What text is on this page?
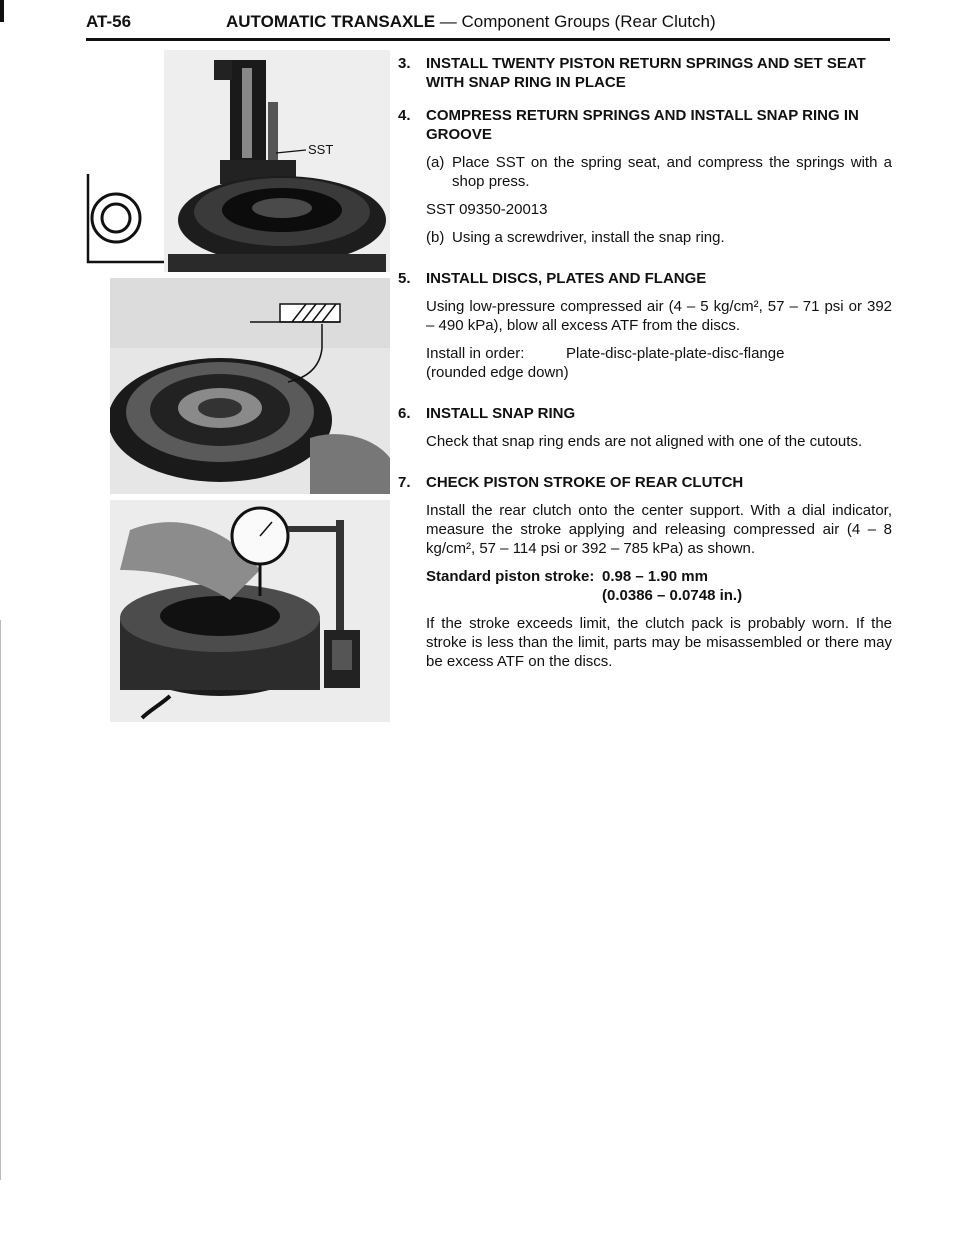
AT-56	AUTOMATIC TRANSAXLE — Component Groups (Rear Clutch)
SST
3.	INSTALL TWENTY PISTON RETURN SPRINGS AND SET SEAT WITH SNAP RING IN PLACE
4.	COMPRESS RETURN SPRINGS AND INSTALL SNAP RING IN GROOVE
(a) Place SST on the spring seat, and compress the springs with a shop press.
SST 09350-20013
(b) Using a screwdriver, install the snap ring.
5.	INSTALL DISCS, PLATES AND FLANGE
Using low-pressure compressed air (4 – 5 kg/cm², 57 – 71 psi or 392 – 490 kPa), blow all excess ATF from the discs.
Install in order:	Plate-disc-plate-plate-disc-flange
(rounded edge down)
6.	INSTALL SNAP RING
Check that snap ring ends are not aligned with one of the cutouts.
7.	CHECK PISTON STROKE OF REAR CLUTCH
Install the rear clutch onto the center support. With a dial indicator, measure the stroke applying and releasing compressed air (4 – 8 kg/cm², 57 – 114 psi or 392 – 785 kPa) as shown.
Standard piston stroke: 0.98 – 1.90 mm
(0.0386 – 0.0748 in.)
If the stroke exceeds limit, the clutch pack is probably worn. If the stroke is less than the limit, parts may be misassembled or there may be excess ATF on the discs.
